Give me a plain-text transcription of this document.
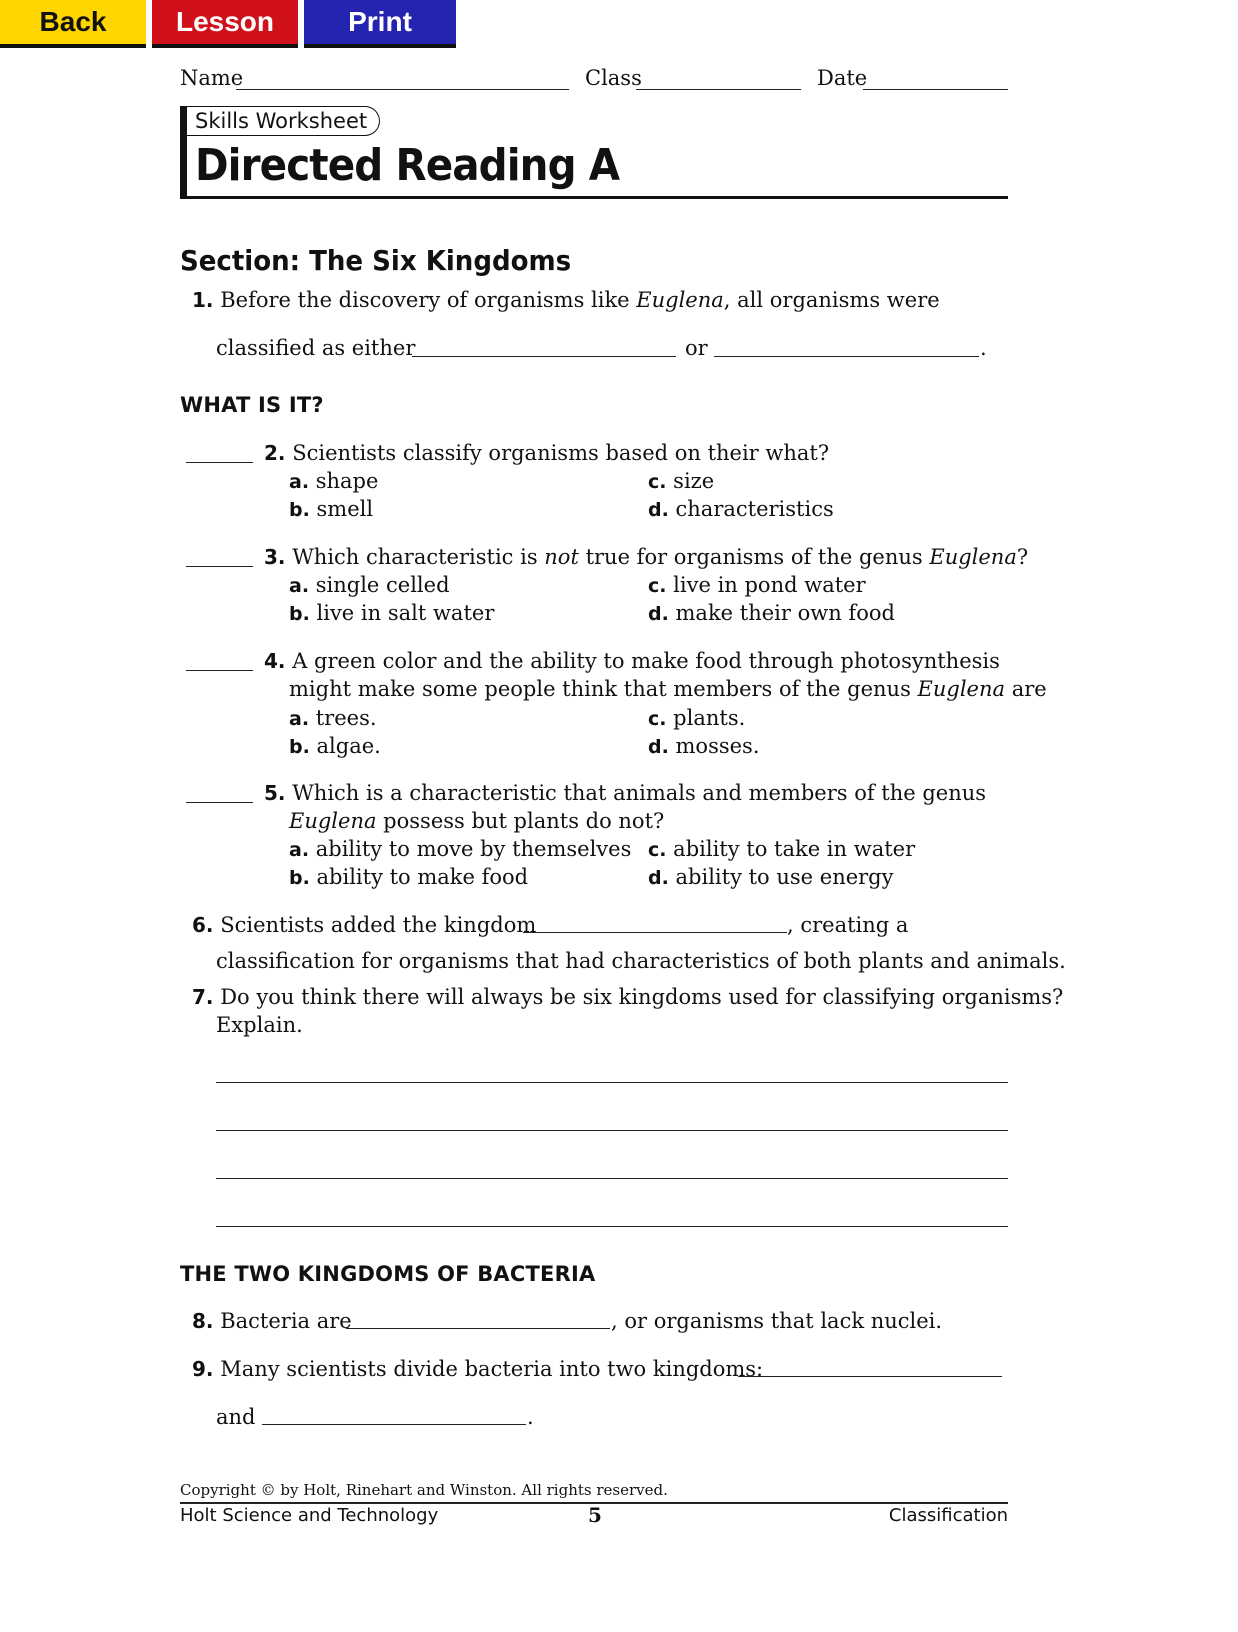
Back	Lesson	Print
Name	Class	Date
Skills Worksheet
Directed Reading A
Section: The Six Kingdoms
1. Before the discovery of organisms like Euglena, all organisms were
classified as either	or	.
WHAT IS IT?
2. Scientists classify organisms based on their what?
a. shape
b. smell
c. size
d. characteristics
3. Which characteristic is not true for organisms of the genus Euglena?
a. single celled
b. live in salt water
c. live in pond water
d. make their own food
4. A green color and the ability to make food through photosynthesis
might make some people think that members of the genus Euglena are
a. trees.
b. algae.
c. plants.
d. mosses.
5. Which is a characteristic that animals and members of the genus
Euglena possess but plants do not?
a. ability to move by themselves
b. ability to make food
c. ability to take in water
d. ability to use energy
6. Scientists added the kingdom	, creating a
classification for organisms that had characteristics of both plants and animals.
7. Do you think there will always be six kingdoms used for classifying organisms?
Explain.
THE TWO KINGDOMS OF BACTERIA
8. Bacteria are	, or organisms that lack nuclei.
9. Many scientists divide bacteria into two kingdoms:
and	.
Copyright © by Holt, Rinehart and Winston. All rights reserved.
Holt Science and Technology	5	Classification
